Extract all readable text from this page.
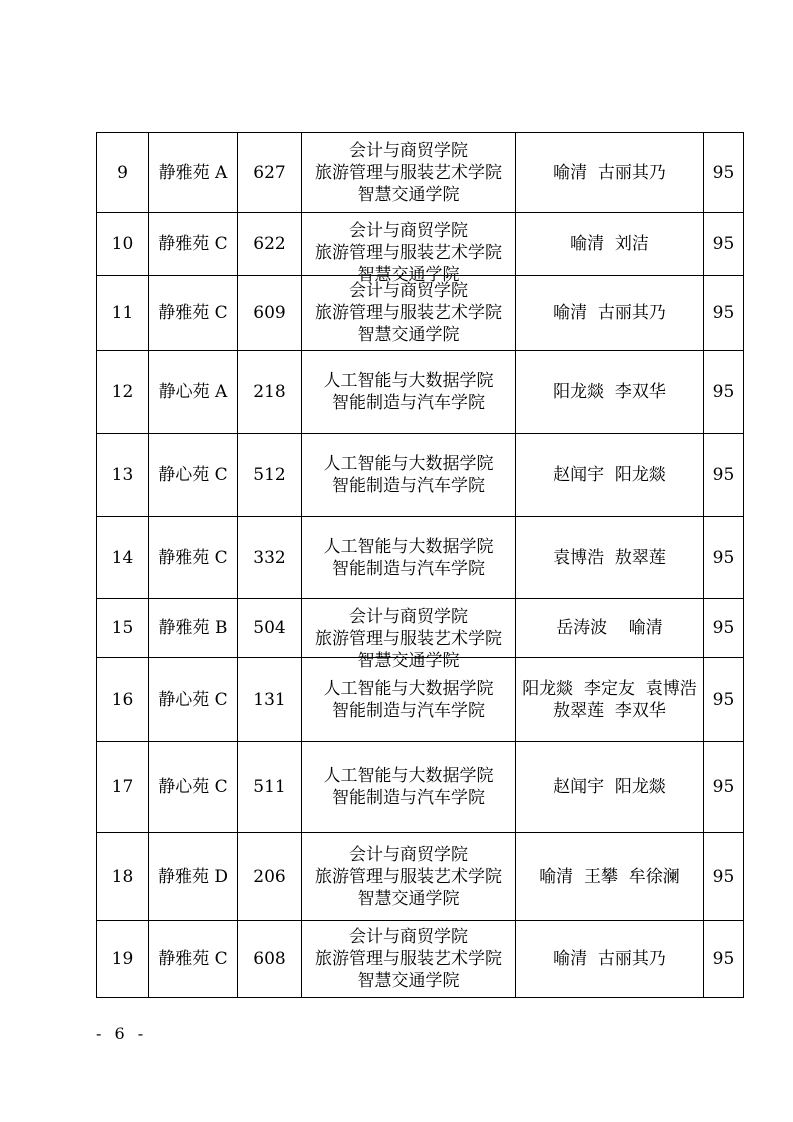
9	静雅苑 A	627	会计与商贸学院
旅游管理与服装艺术学院
智慧交通学院	喻清  古丽其乃	95
10	静雅苑 C	622	会计与商贸学院
旅游管理与服装艺术学院
智慧交通学院	喻清  刘洁	95
11	静雅苑 C	609	会计与商贸学院
旅游管理与服装艺术学院
智慧交通学院	喻清  古丽其乃	95
12	静心苑 A	218	人工智能与大数据学院
智能制造与汽车学院	阳龙燚  李双华	95
13	静心苑 C	512	人工智能与大数据学院
智能制造与汽车学院	赵闻宇  阳龙燚	95
14	静雅苑 C	332	人工智能与大数据学院
智能制造与汽车学院	袁博浩  敖翠莲	95
15	静雅苑 B	504	会计与商贸学院
旅游管理与服装艺术学院
智慧交通学院	岳涛波    喻清	95
16	静心苑 C	131	人工智能与大数据学院
智能制造与汽车学院	阳龙燚  李定友  袁博浩
敖翠莲  李双华	95
17	静心苑 C	511	人工智能与大数据学院
智能制造与汽车学院	赵闻宇  阳龙燚	95
18	静雅苑 D	206	会计与商贸学院
旅游管理与服装艺术学院
智慧交通学院	喻清  王攀  牟徐澜	95
19	静雅苑 C	608	会计与商贸学院
旅游管理与服装艺术学院
智慧交通学院	喻清  古丽其乃	95
- 6 -
